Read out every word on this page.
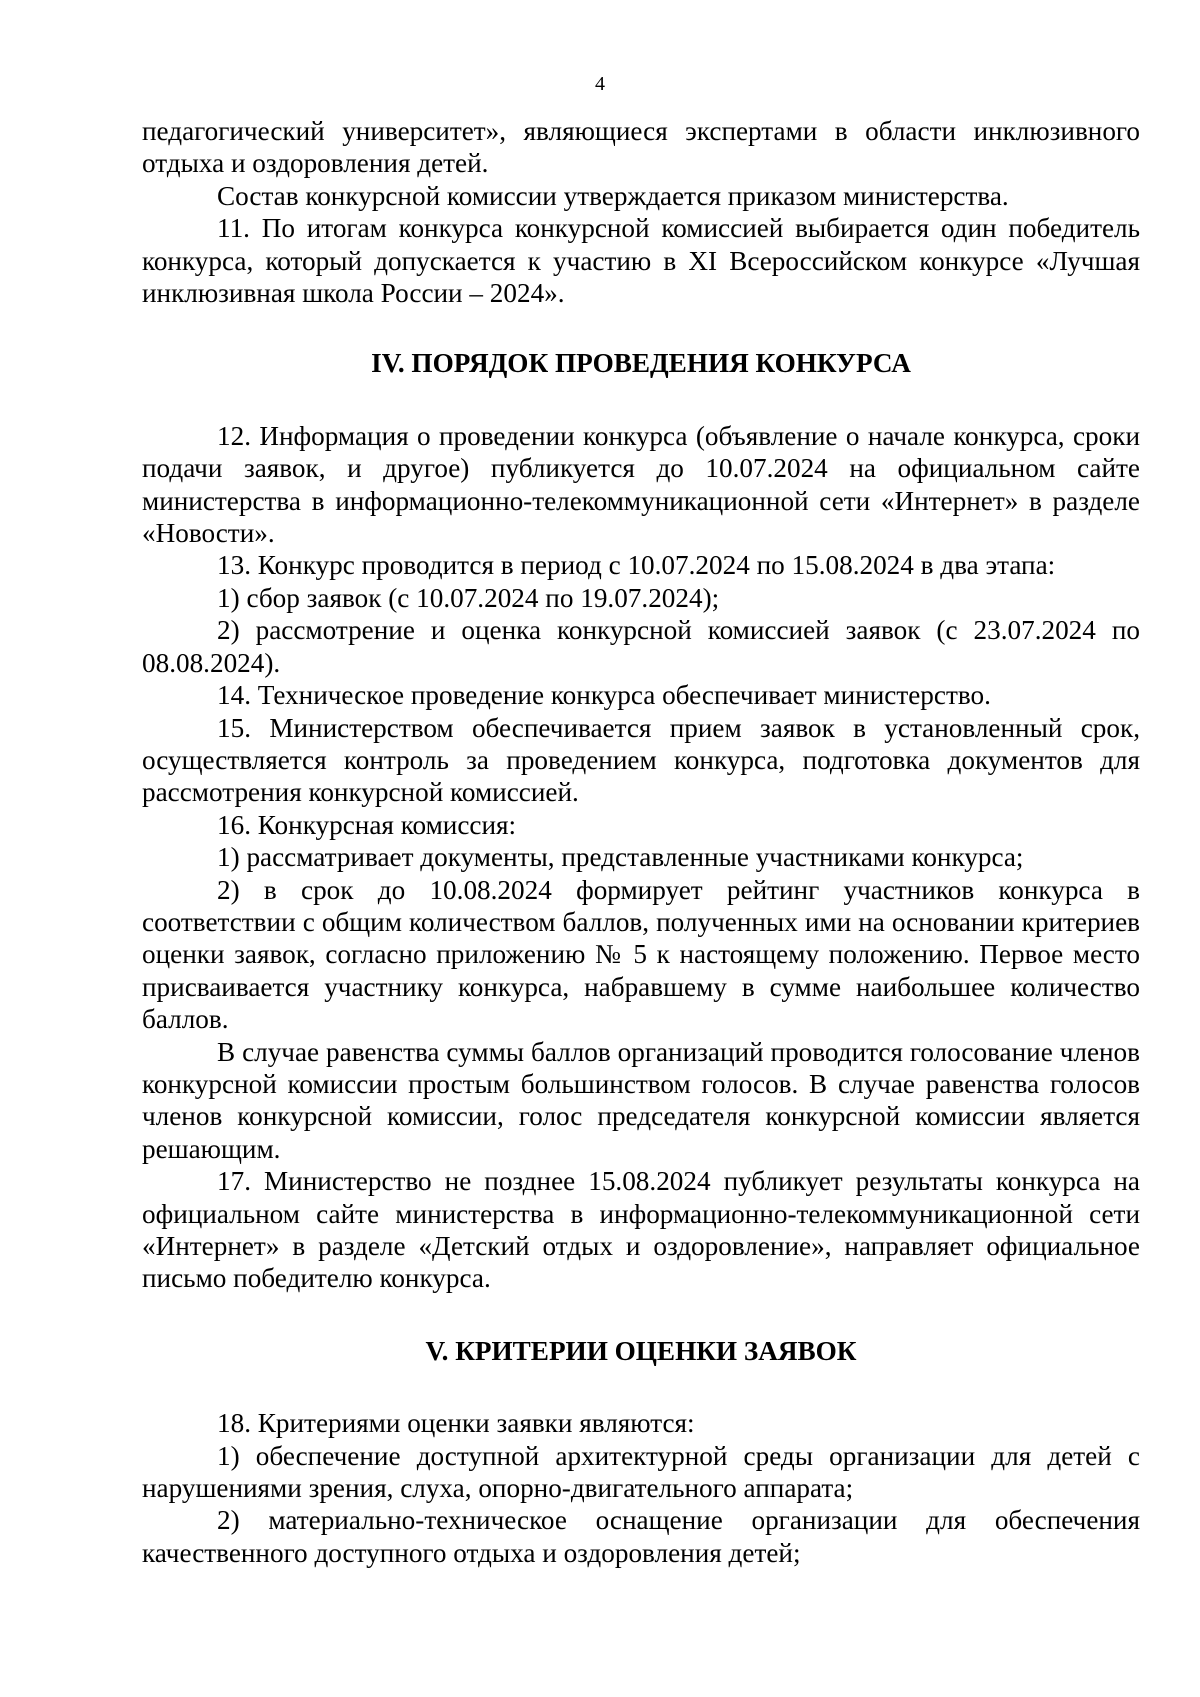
4

педагогический университет», являющиеся экспертами в области инклюзивного отдыха и оздоровления детей.

Состав конкурсной комиссии утверждается приказом министерства.

11. По итогам конкурса конкурсной комиссией выбирается один победитель конкурса, который допускается к участию в XI Всероссийском конкурсе «Лучшая инклюзивная школа России – 2024».

IV. ПОРЯДОК ПРОВЕДЕНИЯ КОНКУРСА

12. Информация о проведении конкурса (объявление о начале конкурса, сроки подачи заявок, и другое) публикуется до 10.07.2024 на официальном сайте министерства в информационно-телекоммуникационной сети «Интернет» в разделе «Новости».

13. Конкурс проводится в период с 10.07.2024 по 15.08.2024 в два этапа:

1) сбор заявок (с 10.07.2024 по 19.07.2024);

2) рассмотрение и оценка конкурсной комиссией заявок (с 23.07.2024 по 08.08.2024).

14. Техническое проведение конкурса обеспечивает министерство.

15. Министерством обеспечивается прием заявок в установленный срок, осуществляется контроль за проведением конкурса, подготовка документов для рассмотрения конкурсной комиссией.

16. Конкурсная комиссия:

1) рассматривает документы, представленные участниками конкурса;

2) в срок до 10.08.2024 формирует рейтинг участников конкурса в соответствии с общим количеством баллов, полученных ими на основании критериев оценки заявок, согласно приложению № 5 к настоящему положению. Первое место присваивается участнику конкурса, набравшему в сумме наибольшее количество баллов.

В случае равенства суммы баллов организаций проводится голосование членов конкурсной комиссии простым большинством голосов. В случае равенства голосов членов конкурсной комиссии, голос председателя конкурсной комиссии является решающим.

17. Министерство не позднее 15.08.2024 публикует результаты конкурса на официальном сайте министерства в информационно-телекоммуникационной сети «Интернет» в разделе «Детский отдых и оздоровление», направляет официальное письмо победителю конкурса.

V. КРИТЕРИИ ОЦЕНКИ ЗАЯВОК

18. Критериями оценки заявки являются:

1) обеспечение доступной архитектурной среды организации для детей с нарушениями зрения, слуха, опорно-двигательного аппарата;

2) материально-техническое оснащение организации для обеспечения качественного доступного отдыха и оздоровления детей;
